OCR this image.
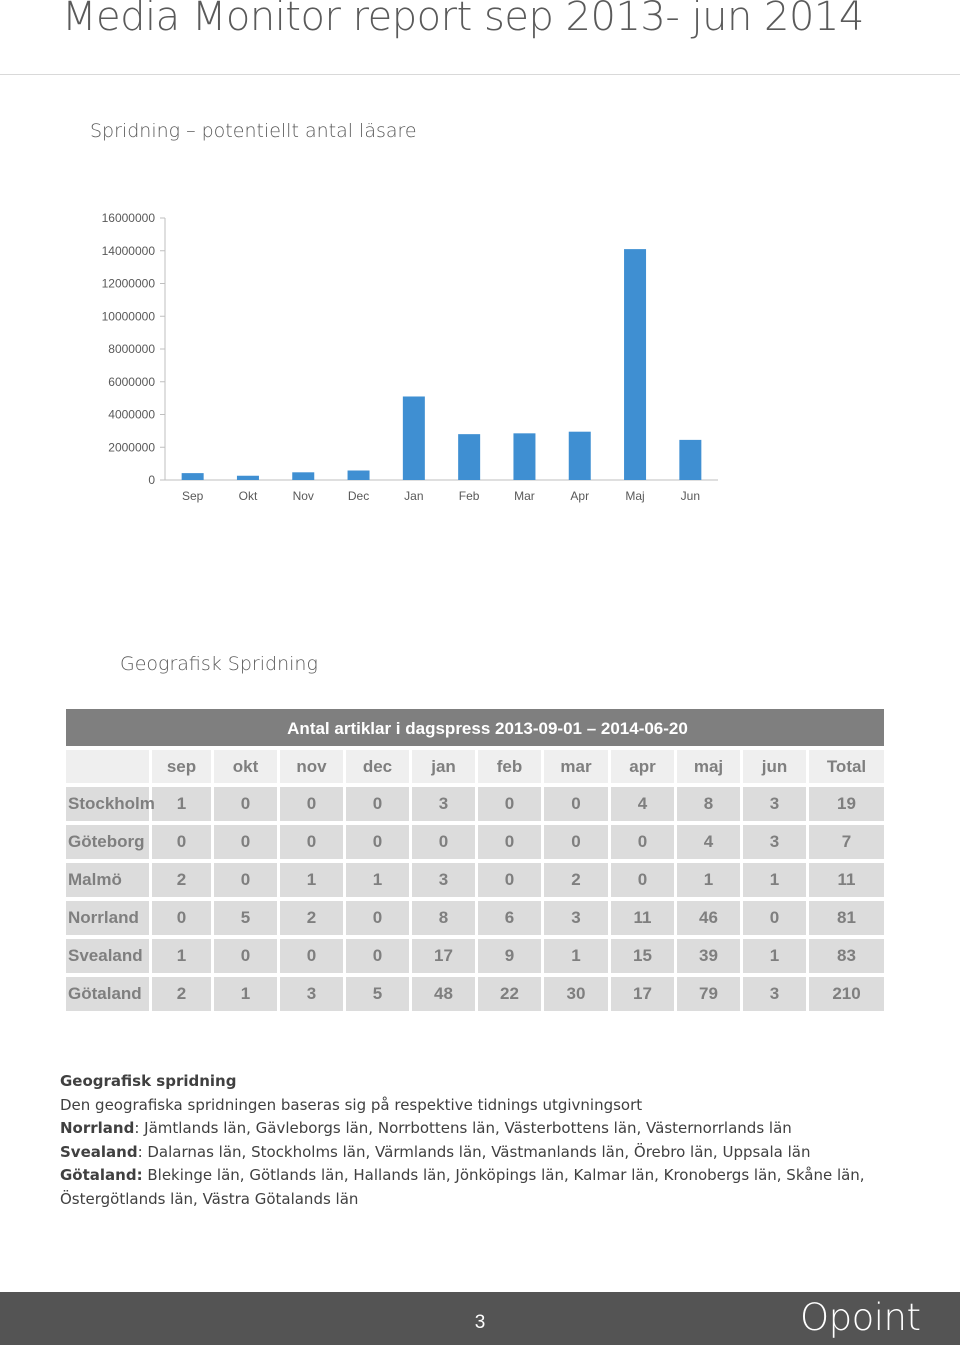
Media Monitor report sep 2013- jun 2014
Spridning – potentiellt antal läsare
0
2000000
4000000
6000000
8000000
10000000
12000000
14000000
16000000
Sep	Okt	Nov	Dec	Jan	Feb	Mar	Apr	Maj	Jun
Geografisk Spridning
Antal artiklar i dagspress 2013-09-01 – 2014-06-20
	sep	okt	nov	dec	jan	feb	mar	apr	maj	jun	Total
Stockholm	1	0	0	0	3	0	0	4	8	3	19
Göteborg	0	0	0	0	0	0	0	0	4	3	7
Malmö	2	0	1	1	3	0	2	0	1	1	11
Norrland	0	5	2	0	8	6	3	11	46	0	81
Svealand	1	0	0	0	17	9	1	15	39	1	83
Götaland	2	1	3	5	48	22	30	17	79	3	210

Geografisk spridning

Den geografiska spridningen baseras sig på respektive tidnings utgivningsort

Norrland: Jämtlands län, Gävleborgs län, Norrbottens län, Västerbottens län, Västernorrlands län

Svealand: Dalarnas län, Stockholms län, Värmlands län, Västmanlands län, Örebro län, Uppsala län

Götaland: Blekinge län, Götlands län, Hallands län, Jönköpings län, Kalmar län, Kronobergs län, Skåne län, Östergötlands län, Västra Götalands län

3	Opoint
